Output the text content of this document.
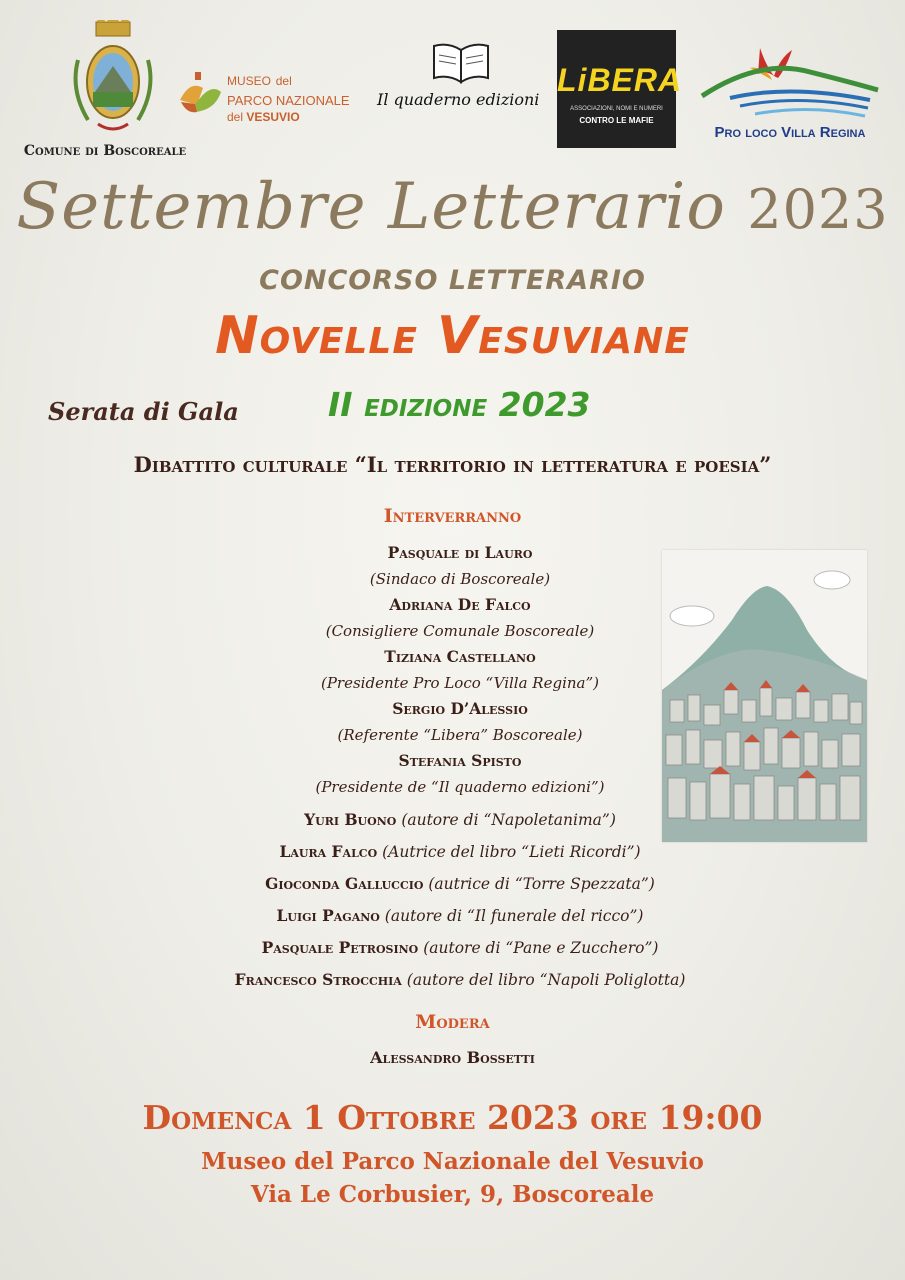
Comune di Boscoreale
MUSEO del
PARCO NAZIONALE
del VESUVIO
Il quaderno edizioni
LiBERA
ASSOCIAZIONI, NOMI E NUMERI
CONTRO LE MAFIE
Pro loco Villa Regina
Settembre Letterario 2023
CONCORSO LETTERARIO
Novelle Vesuviane
Serata di Gala	II EDIZIONE 2023
Dibattito culturale “Il territorio in letteratura e poesia”
Interverranno
Pasquale di Lauro
(Sindaco di Boscoreale)
Adriana De Falco
(Consigliere Comunale Boscoreale)
Tiziana Castellano
(Presidente Pro Loco “Villa Regina”)
Sergio D’Alessio
(Referente “Libera” Boscoreale)
Stefania Spisto
(Presidente de “Il quaderno edizioni”)
Yuri Buono (autore di “Napoletanima”)
Laura Falco (Autrice del libro “Lieti Ricordi”)
Gioconda Galluccio (autrice di “Torre Spezzata”)
Luigi Pagano (autore di “Il funerale del ricco”)
Pasquale Petrosino (autore di “Pane e Zucchero”)
Francesco Strocchia (autore del libro “Napoli Poliglotta)
Modera
Alessandro Bossetti
Domenca 1 Ottobre 2023 ore 19:00
Museo del Parco Nazionale del Vesuvio
Via Le Corbusier, 9, Boscoreale
